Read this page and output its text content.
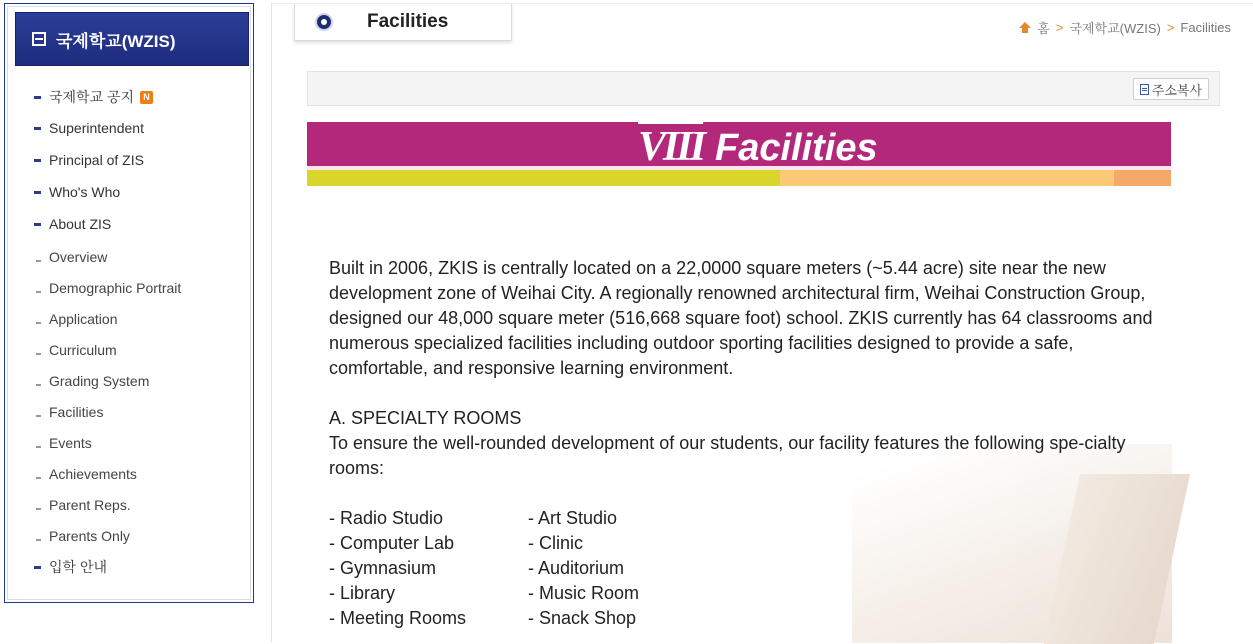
국제학교(WZIS)
국제학교 공지	N
Superintendent
Principal of ZIS
Who's Who
About ZIS
Overview
Demographic Portrait
Application
Curriculum
Grading System
Facilities
Events
Achievements
Parent Reps.
Parents Only
입학 안내
Facilities	홈 > 국제학교(WZIS) > Facilities
주소복사
VIII Facilities

Built in 2006, ZKIS is centrally located on a 22,0000 square meters (~5.44 acre) site near the new development zone of Weihai City. A regionally renowned architectural firm, Weihai Construction Group, designed our 48,000 square meter (516,668 square foot) school. ZKIS currently has 64 classrooms and numerous specialized facilities including outdoor sporting facilities designed to provide a safe, comfortable, and responsive learning environment.

A. SPECIALTY ROOMS
To ensure the well-rounded development of our students, our facility features the following spe-cialty rooms:
- Radio Studio
- Computer Lab
- Gymnasium
- Library
- Meeting Rooms
- Art Studio
- Clinic
- Auditorium
- Music Room
- Snack Shop
